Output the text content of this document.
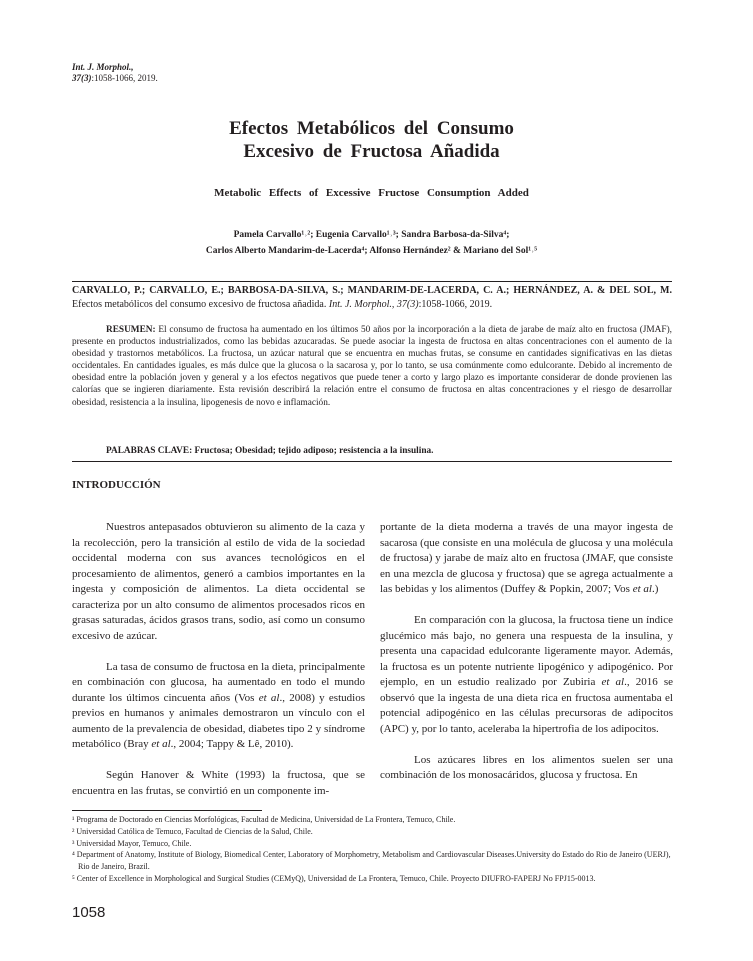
Int. J. Morphol.,
37(3):1058-1066, 2019.
Efectos Metabólicos del Consumo
Excesivo de Fructosa Añadida
Metabolic Effects of Excessive Fructose Consumption Added
Pamela Carvallo¹˒²; Eugenia Carvallo¹˒³; Sandra Barbosa-da-Silva⁴;
Carlos Alberto Mandarim-de-Lacerda⁴; Alfonso Hernández² & Mariano del Sol¹˒⁵
CARVALLO, P.; CARVALLO, E.; BARBOSA-DA-SILVA, S.; MANDARIM-DE-LACERDA, C. A.; HERNÁNDEZ, A. & DEL SOL, M. Efectos metabólicos del consumo excesivo de fructosa añadida. Int. J. Morphol., 37(3):1058-1066, 2019.
RESUMEN: El consumo de fructosa ha aumentado en los últimos 50 años por la incorporación a la dieta de jarabe de maíz alto en fructosa (JMAF), presente en productos industrializados, como las bebidas azucaradas. Se puede asociar la ingesta de fructosa en altas concentraciones con el aumento de la obesidad y trastornos metabólicos. La fructosa, un azúcar natural que se encuentra en muchas frutas, se consume en cantidades significativas en las dietas occidentales. En cantidades iguales, es más dulce que la glucosa o la sacarosa y, por lo tanto, se usa comúnmente como edulcorante. Debido al incremento de obesidad entre la población joven y general y a los efectos negativos que puede tener a corto y largo plazo es importante considerar de donde provienen las calorías que se ingieren diariamente. Esta revisión describirá la relación entre el consumo de fructosa en altas concentraciones y el riesgo de desarrollar obesidad, resistencia a la insulina, lipogenesis de novo e inflamación.
PALABRAS CLAVE: Fructosa; Obesidad; tejido adiposo; resistencia a la insulina.
INTRODUCCIÓN

Nuestros antepasados obtuvieron su alimento de la caza y la recolección, pero la transición al estilo de vida de la sociedad occidental moderna con sus avances tecnológicos en el procesamiento de alimentos, generó a cambios importantes en la ingesta y composición de alimentos. La dieta occidental se caracteriza por un alto consumo de alimentos procesados ricos en grasas saturadas, ácidos grasos trans, sodio, así como un consumo excesivo de azúcar.

La tasa de consumo de fructosa en la dieta, principalmente en combinación con glucosa, ha aumentado en todo el mundo durante los últimos cincuenta años (Vos et al., 2008) y estudios previos en humanos y animales demostraron un vínculo con el aumento de la prevalencia de obesidad, diabetes tipo 2 y síndrome metabólico (Bray et al., 2004; Tappy & Lê, 2010).

Según Hanover & White (1993) la fructosa, que se encuentra en las frutas, se convirtió en un componente im-

portante de la dieta moderna a través de una mayor ingesta de sacarosa (que consiste en una molécula de glucosa y una molécula de fructosa) y jarabe de maíz alto en fructosa (JMAF, que consiste en una mezcla de glucosa y fructosa) que se agrega actualmente a las bebidas y los alimentos (Duffey & Popkin, 2007; Vos et al.)

En comparación con la glucosa, la fructosa tiene un índice glucémico más bajo, no genera una respuesta de la insulina, y presenta una capacidad edulcorante ligeramente mayor. Además, la fructosa es un potente nutriente lipogénico y adipogénico. Por ejemplo, en un estudio realizado por Zubiria et al., 2016 se observó que la ingesta de una dieta rica en fructosa aumentaba el potencial adipogénico en las células precursoras de adipocitos (APC) y, por lo tanto, aceleraba la hipertrofia de los adipocitos.

Los azúcares libres en los alimentos suelen ser una combinación de los monosacáridos, glucosa y fructosa. En

¹ Programa de Doctorado en Ciencias Morfológicas, Facultad de Medicina, Universidad de La Frontera, Temuco, Chile.
² Universidad Católica de Temuco, Facultad de Ciencias de la Salud, Chile.
³ Universidad Mayor, Temuco, Chile.
⁴ Department of Anatomy, Institute of Biology, Biomedical Center, Laboratory of Morphometry, Metabolism and Cardiovascular Diseases.University do Estado do Rio de Janeiro (UERJ), Rio de Janeiro, Brazil.
⁵ Center of Excellence in Morphological and Surgical Studies (CEMyQ), Universidad de La Frontera, Temuco, Chile. Proyecto DIUFRO-FAPERJ No FPJ15-0013.
1058
